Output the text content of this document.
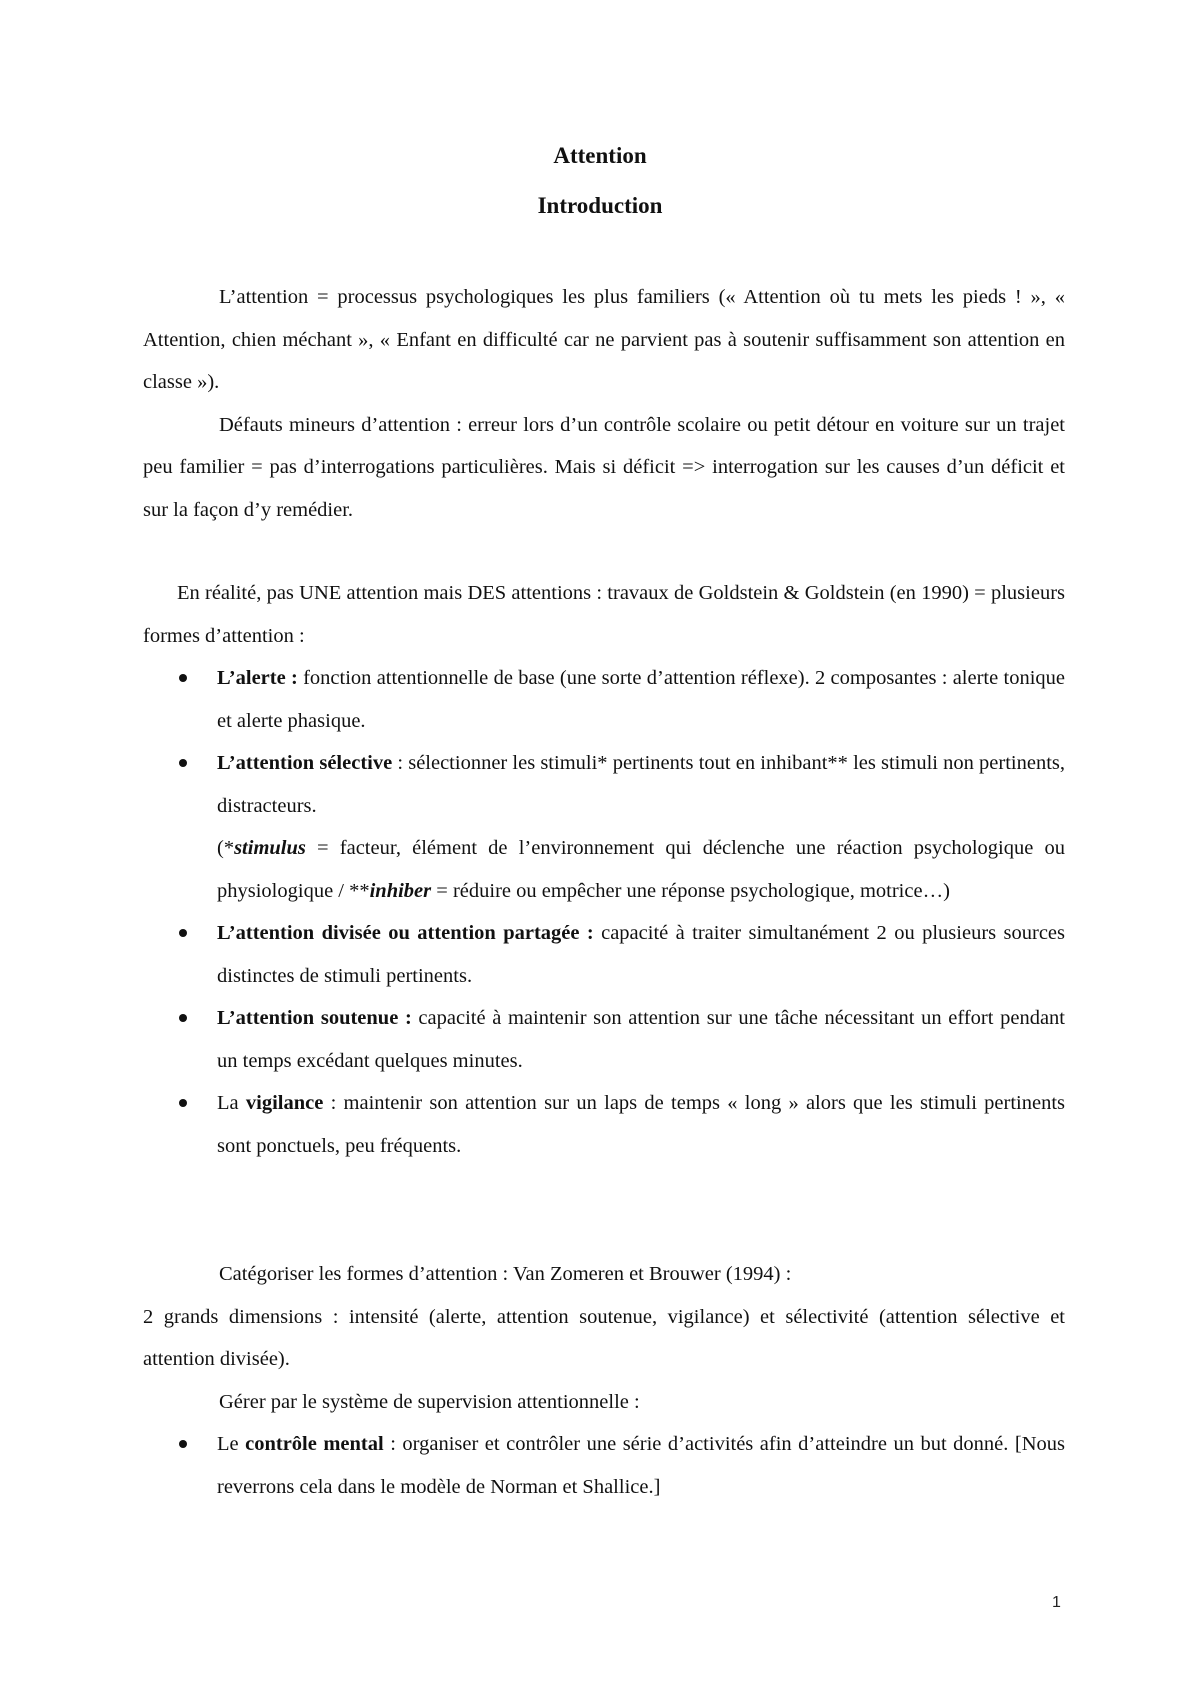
Attention
Introduction

L’attention = processus psychologiques les plus familiers (« Attention où tu mets les pieds ! », « Attention, chien méchant », « Enfant en difficulté car ne parvient pas à soutenir suffisamment son attention en classe »).

Défauts mineurs d’attention : erreur lors d’un contrôle scolaire ou petit détour en voiture sur un trajet peu familier = pas d’interrogations particulières. Mais si déficit => interrogation sur les causes d’un déficit et sur la façon d’y remédier.

En réalité, pas UNE attention mais DES attentions : travaux de Goldstein & Goldstein (en 1990) = plusieurs formes d’attention :

L’alerte : fonction attentionnelle de base (une sorte d’attention réflexe). 2 composantes : alerte tonique et alerte phasique.
L’attention sélective : sélectionner les stimuli* pertinents tout en inhibant** les stimuli non pertinents, distracteurs.

(*stimulus = facteur, élément de l’environnement qui déclenche une réaction psychologique ou physiologique / **inhiber = réduire ou empêcher une réponse psychologique, motrice…)

L’attention divisée ou attention partagée : capacité à traiter simultanément 2 ou plusieurs sources distinctes de stimuli pertinents.
L’attention soutenue : capacité à maintenir son attention sur une tâche nécessitant un effort pendant un temps excédant quelques minutes.
La vigilance : maintenir son attention sur un laps de temps « long » alors que les stimuli pertinents sont ponctuels, peu fréquents.

Catégoriser les formes d’attention : Van Zomeren et Brouwer (1994) :

2 grands dimensions : intensité (alerte, attention soutenue, vigilance) et sélectivité (attention sélective et attention divisée).

Gérer par le système de supervision attentionnelle :

Le contrôle mental : organiser et contrôler une série d’activités afin d’atteindre un but donné. [Nous reverrons cela dans le modèle de Norman et Shallice.]
1
